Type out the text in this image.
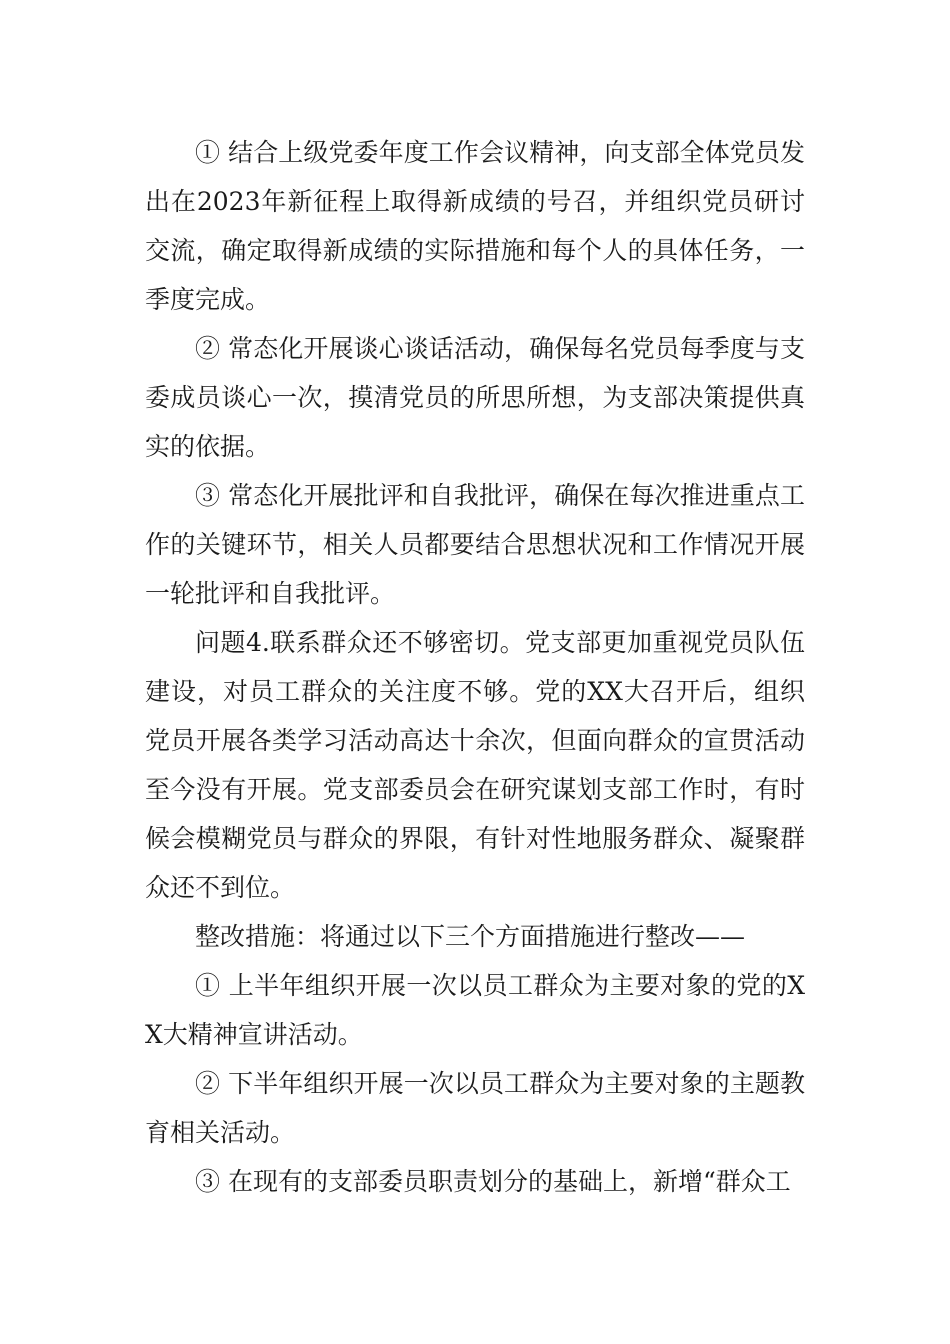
① 结合上级党委年度工作会议精神，向支部全体党员发出在2023年新征程上取得新成绩的号召，并组织党员研讨交流，确定取得新成绩的实际措施和每个人的具体任务，一季度完成。

② 常态化开展谈心谈话活动，确保每名党员每季度与支委成员谈心一次，摸清党员的所思所想，为支部决策提供真实的依据。

③ 常态化开展批评和自我批评，确保在每次推进重点工作的关键环节，相关人员都要结合思想状况和工作情况开展一轮批评和自我批评。

问题4.联系群众还不够密切。党支部更加重视党员队伍建设，对员工群众的关注度不够。党的XX大召开后，组织党员开展各类学习活动高达十余次，但面向群众的宣贯活动至今没有开展。党支部委员会在研究谋划支部工作时，有时候会模糊党员与群众的界限，有针对性地服务群众、凝聚群众还不到位。

整改措施：将通过以下三个方面措施进行整改——

① 上半年组织开展一次以员工群众为主要对象的党的XX大精神宣讲活动。

② 下半年组织开展一次以员工群众为主要对象的主题教育相关活动。

③ 在现有的支部委员职责划分的基础上，新增“群众工
